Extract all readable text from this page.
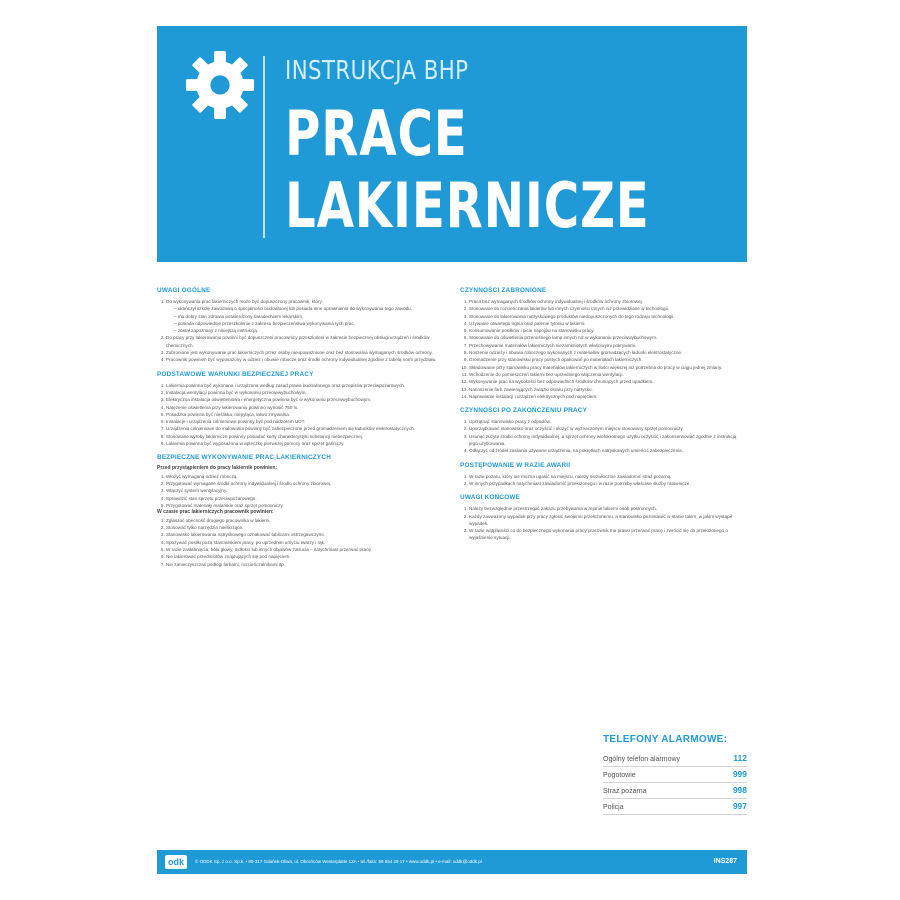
INSTRUKCJA BHP
PRACE
LAKIERNICZE
UWAGI OGÓLNE
1. Do wykonywania prac lakierniczych może być dopuszczony pracownik, który:
– ukończył szkołę zawodową o specjalności budowlanej lub posiada inne uprawnienia do wykonywania tego zawodu,
– ma dobry stan zdrowia potwierdzony świadectwem lekarskim,
– posiada odpowiednie przeszkolenie z zakresu bezpieczeństwa wykonywania tych prac,
– został zapoznany z niniejszą instrukcją.
2. Do pracy przy lakierowaniu powinni być dopuszczeni pracownicy przeszkoleni w zakresie bezpiecznej obsługi urządzeń i środków chemicznych.
3. Zabronione jest wykonywanie prac lakierniczych przez osoby nieupoważnione oraz bez stosowania wymaganych środków ochrony.
4. Pracownik powinien być wyposażony w odzież i obuwie robocze oraz środki ochrony indywidualnej zgodnie z tabelą norm przydziału.
PODSTAWOWE WARUNKI BEZPIECZNEJ PRACY
1. Lakiernia powinna być wykonana i urządzona według zasad prawa budowlanego oraz przepisów przeciwpożarowych.
2. Instalacja wentylacji powinna być w wykonaniu przeciwwybuchowym.
3. Elektryczna instalacja oświetleniowa i energetyczna powinna być w wykonaniu przeciwwybuchowym.
4. Natężenie oświetlenia przy lakierowaniu powinno wynosić 750 lx.
5. Posadzka powinna być nieśliska, niepyląca, łatwo zmywalna.
6. Instalacje i urządzenia ciśnieniowe powinny być pod nadzorem UDT.
7. Urządzenia ciśnieniowe do malowania powinny być zabezpieczone przed gromadzeniem się ładunków elektrostatycznych.
8. Stosowane wyroby lakiernicze powinny posiadać karty charakterystyki substancji niebezpiecznej.
9. Lakiernia powinna być wyposażona w apteczkę pierwszej pomocy oraz sprzęt gaśniczy.
BEZPIECZNE WYKONYWANIE PRAC LAKIERNICZYCH
Przed przystąpieniem do pracy lakiernik powinien:
1. Włożyć wymaganą odzież roboczą.
2. Przygotować wymagane środki ochrony indywidualnej i środki ochrony zbiorowej.
3. Włączyć system wentylacyjny.
4. Sprawdzić stan sprzętu przeciwpożarowego.
5. Przygotować materiały malarskie oraz sprzęt pomocniczy.
W czasie prac lakierniczych pracownik powinien:
1. Zgłaszać obecność drugiego pracownika w lakierni.
2. Stosować tylko narzędzia nieiskrzące.
3. Stanowisko lakierowania natryskowego oznakować tablicami ostrzegawczymi.
4. Spożywać posiłki poza stanowiskiem pracy, po uprzednim umyciu twarzy i rąk.
5. W razie zasłabnięcia, bólu głowy, mdłości lub innych objawów zatrucia – natychmiast przerwać pracę.
6. Nie lakierować przedmiotów znajdujących się pod napięciem.
7. Nie zanieczyszczać podłogi farbami, rozcieńczalnikami itp.
CZYNNOŚCI ZABRONIONE
1. Praca bez wymaganych środków ochrony indywidualnej i środków ochrony zbiorowej.
2. Stosowanie do rozcieńczania lakierów lub innych czynności innych niż przewidziane w technologii.
3. Stosowanie do lakierowania natryskowego produktów niedopuszczonych do tego rodzaju technologii.
4. Używanie otwartego ognia oraz palenie tytoniu w lakierni.
5. Konsumowanie posiłków i picie napojów na stanowisku pracy.
6. Stosowanie do oświetlenia przenośnego lamp innych niż w wykonaniu przeciwwybuchowym.
7. Przechowywanie materiałów lakierniczych niezamkniętych właściwymi pokrywami.
8. Noszenie odzieży i obuwia roboczego wykonanych z materiałów gromadzących ładunki elektrostatyczne.
9. Gromadzenie przy stanowisku pracy pustych opakowań po materiałach lakierniczych.
10. Składowanie przy stanowisku pracy materiałów lakierniczych w ilości większej niż potrzebna do pracy w ciągu jednej zmiany.
11. Wchodzenie do pomieszczeń lakierni bez uprzedniego włączenia wentylacji.
12. Wykonywanie prac na wysokości bez odpowiednich środków chroniących przed upadkiem.
13. Nanoszenie farb zawierających związki ołowiu przy natrysku.
14. Naprawianie instalacji i urządzeń elektrycznych pod napięciem.
CZYNNOŚCI PO ZAKOŃCZENIU PRACY
1. Uprzątnąć stanowisko pracy z odpadów.
2. Uporządkować stanowisko oraz oczyścić i ułożyć w wyznaczonym miejscu stosowany sprzęt pomocniczy.
3. Usunąć zużyte środki ochrony indywidualnej, a sprzęt ochrony wielokrotnego użytku oczyścić i zakonserwować zgodnie z instrukcją jego użytkowania.
4. Odłączyć od źródeł zasilania używane urządzenia, na pokrętłach natryskowych umieścić zabezpieczenia.
POSTĘPOWANIE W RAZIE AWARII
1. W razie pożaru, który nie można ugasić na miejscu, należy niezwłocznie zawiadomić straż pożarną.
2. W innych przypadkach natychmiast zawiadomić przełożonego i w razie potrzeby właściwe służby ratownicze.
UWAGI KOŃCOWE
1. Należy bezwzględnie przestrzegać zakazu przebywania w rejonie lakierni osób postronnych.
2. Każdy zauważony wypadek przy pracy zgłosić swojemu przełożonemu, a stanowisko pozostawić w stanie takim, w jakim wystąpił wypadek.
3. W razie wątpliwości co do bezpiecznego wykonania pracy pracownik ma prawo przerwać pracę i zwrócić się do przełożonego o wyjaśnienie sytuacji.
TELEFONY ALARMOWE:
Ogólny telefon alarmowy	112
Pogotowie	999
Straż pożarna	998
Policja	997
odk	© ODDK Sp. z o.o. Sp.k. • 80-317 Gdańsk-Oliwa, ul. Obrońców Westerplatte 12A • tel./faks: 58 554 29 17 • www.oddk.pl • e-mail: oddk@oddk.pl	INS287
